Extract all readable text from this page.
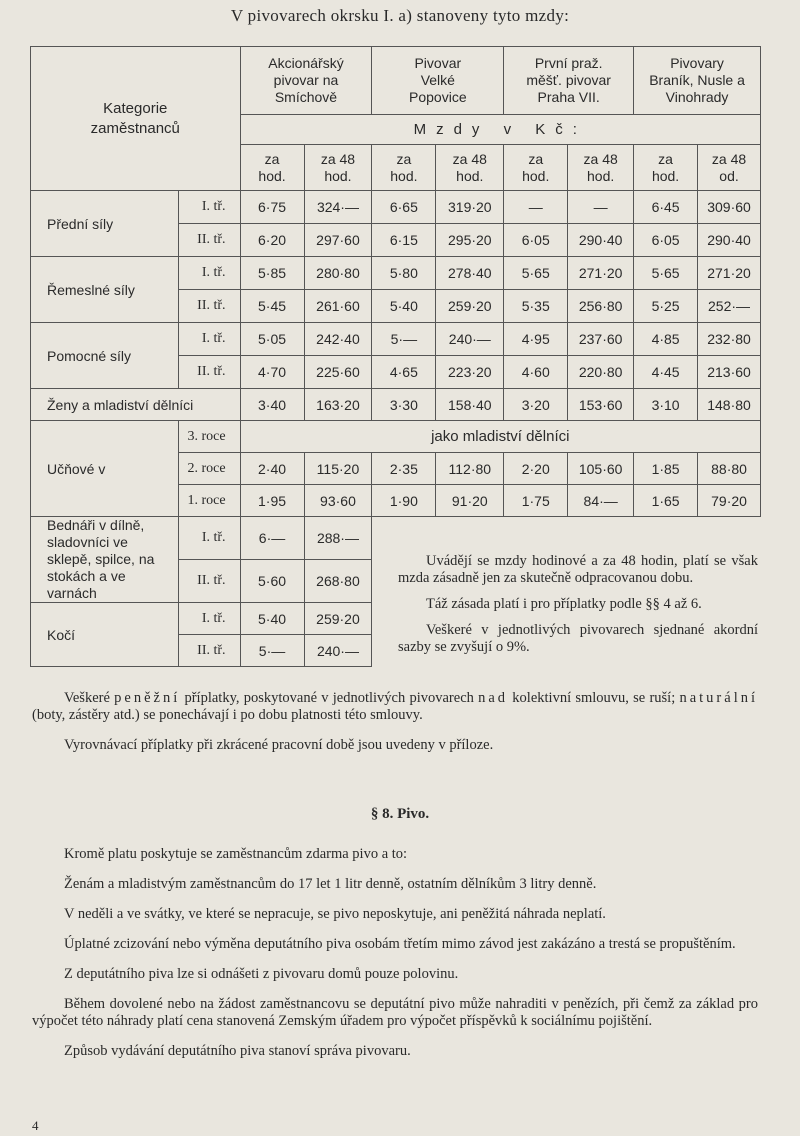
V pivovarech okrsku I. a) stanoveny tyto mzdy:
Kategorie zaměstnanců		Akcionářský pivovar na Smíchově		Pivovar Velké Popovice		První praž. měšť. pivovar Praha VII.		Pivovary Braník, Nusle a Vinohrady	
		Mzdy v Kč:							
		za hod.	za 48 hod.	za hod.	za 48 hod.	za hod.	za 48 hod.	za hod.	za 48 od.
Přední síly	I. tř.	6·75	324·—	6·65	319·20	—	—	6·45	309·60
	II. tř.	6·20	297·60	6·15	295·20	6·05	290·40	6·05	290·40
Řemeslné síly	I. tř.	5·85	280·80	5·80	278·40	5·65	271·20	5·65	271·20
	II. tř.	5·45	261·60	5·40	259·20	5·35	256·80	5·25	252·—
Pomocné síly	I. tř.	5·05	242·40	5·—	240·—	4·95	237·60	4·85	232·80
	II. tř.	4·70	225·60	4·65	223·20	4·60	220·80	4·45	213·60
Ženy a mladiství dělníci		3·40	163·20	3·30	158·40	3·20	153·60	3·10	148·80
Učňové v	3. roce	jako mladiství dělníci							
	2. roce	2·40	115·20	2·35	112·80	2·20	105·60	1·85	88·80
	1. roce	1·95	93·60	1·90	91·20	1·75	84·—	1·65	79·20
Bednáři v dílně, sladovníci ve sklepě, spilce, na stokách a ve varnách	I. tř.	6·—	288·—						
	II. tř.	5·60	268·80						
Kočí	I. tř.	5·40	259·20						
	II. tř.	5·—	240·—						

Uvádějí se mzdy hodinové a za 48 hodin, platí se však mzda zásadně jen za skutečně odpracovanou dobu.

Táž zásada platí i pro příplatky podle §§ 4 až 6.

Veškeré v jednotlivých pivovarech sjednané akordní sazby se zvyšují o 9%.

Veškeré peněžní příplatky, poskytované v jednotlivých pivovarech nad kolektivní smlouvu, se ruší; naturální (boty, zástěry atd.) se ponechávají i po dobu platnosti této smlouvy.

Vyrovnávací příplatky při zkrácené pracovní době jsou uvedeny v příloze.

§ 8. Pivo.

Kromě platu poskytuje se zaměstnancům zdarma pivo a to:

Ženám a mladistvým zaměstnancům do 17 let 1 litr denně, ostatním dělníkům 3 litry denně.

V neděli a ve svátky, ve které se nepracuje, se pivo neposkytuje, ani peněžitá náhrada neplatí.

Úplatné zcizování nebo výměna deputátního piva osobám třetím mimo závod jest zakázáno a trestá se propuštěním.

Z deputátního piva lze si odnášeti z pivovaru domů pouze polovinu.

Během dovolené nebo na žádost zaměstnancovu se deputátní pivo může nahraditi v penězích, při čemž za základ pro výpočet této náhrady platí cena stanovená Zemským úřadem pro výpočet příspěvků k sociálnímu pojištění.

Způsob vydávání deputátního piva stanoví správa pivovaru.

4
